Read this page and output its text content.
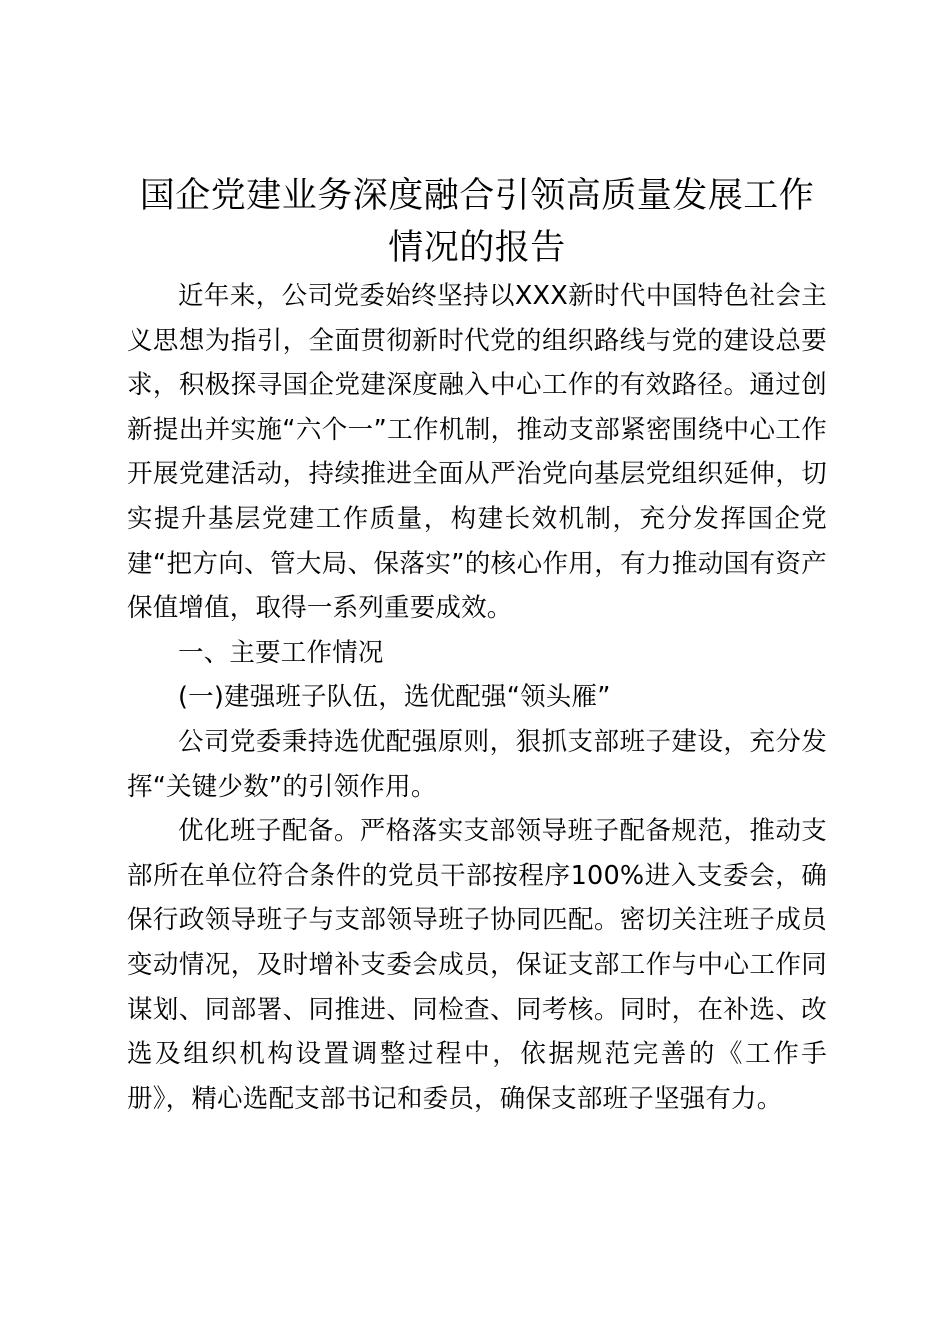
国企党建业务深度融合引领高质量发展工作情况的报告

近年来，公司党委始终坚持以XXX新时代中国特色社会主义思想为指引，全面贯彻新时代党的组织路线与党的建设总要求，积极探寻国企党建深度融入中心工作的有效路径。通过创新提出并实施“六个一”工作机制，推动支部紧密围绕中心工作开展党建活动，持续推进全面从严治党向基层党组织延伸，切实提升基层党建工作质量，构建长效机制，充分发挥国企党建“把方向、管大局、保落实”的核心作用，有力推动国有资产保值增值，取得一系列重要成效。

一、主要工作情况

(一)建强班子队伍，选优配强“领头雁”

公司党委秉持选优配强原则，狠抓支部班子建设，充分发挥“关键少数”的引领作用。

优化班子配备。严格落实支部领导班子配备规范，推动支部所在单位符合条件的党员干部按程序100%进入支委会，确保行政领导班子与支部领导班子协同匹配。密切关注班子成员变动情况，及时增补支委会成员，保证支部工作与中心工作同谋划、同部署、同推进、同检查、同考核。同时，在补选、改选及组织机构设置调整过程中，依据规范完善的《工作手册》，精心选配支部书记和委员，确保支部班子坚强有力。
